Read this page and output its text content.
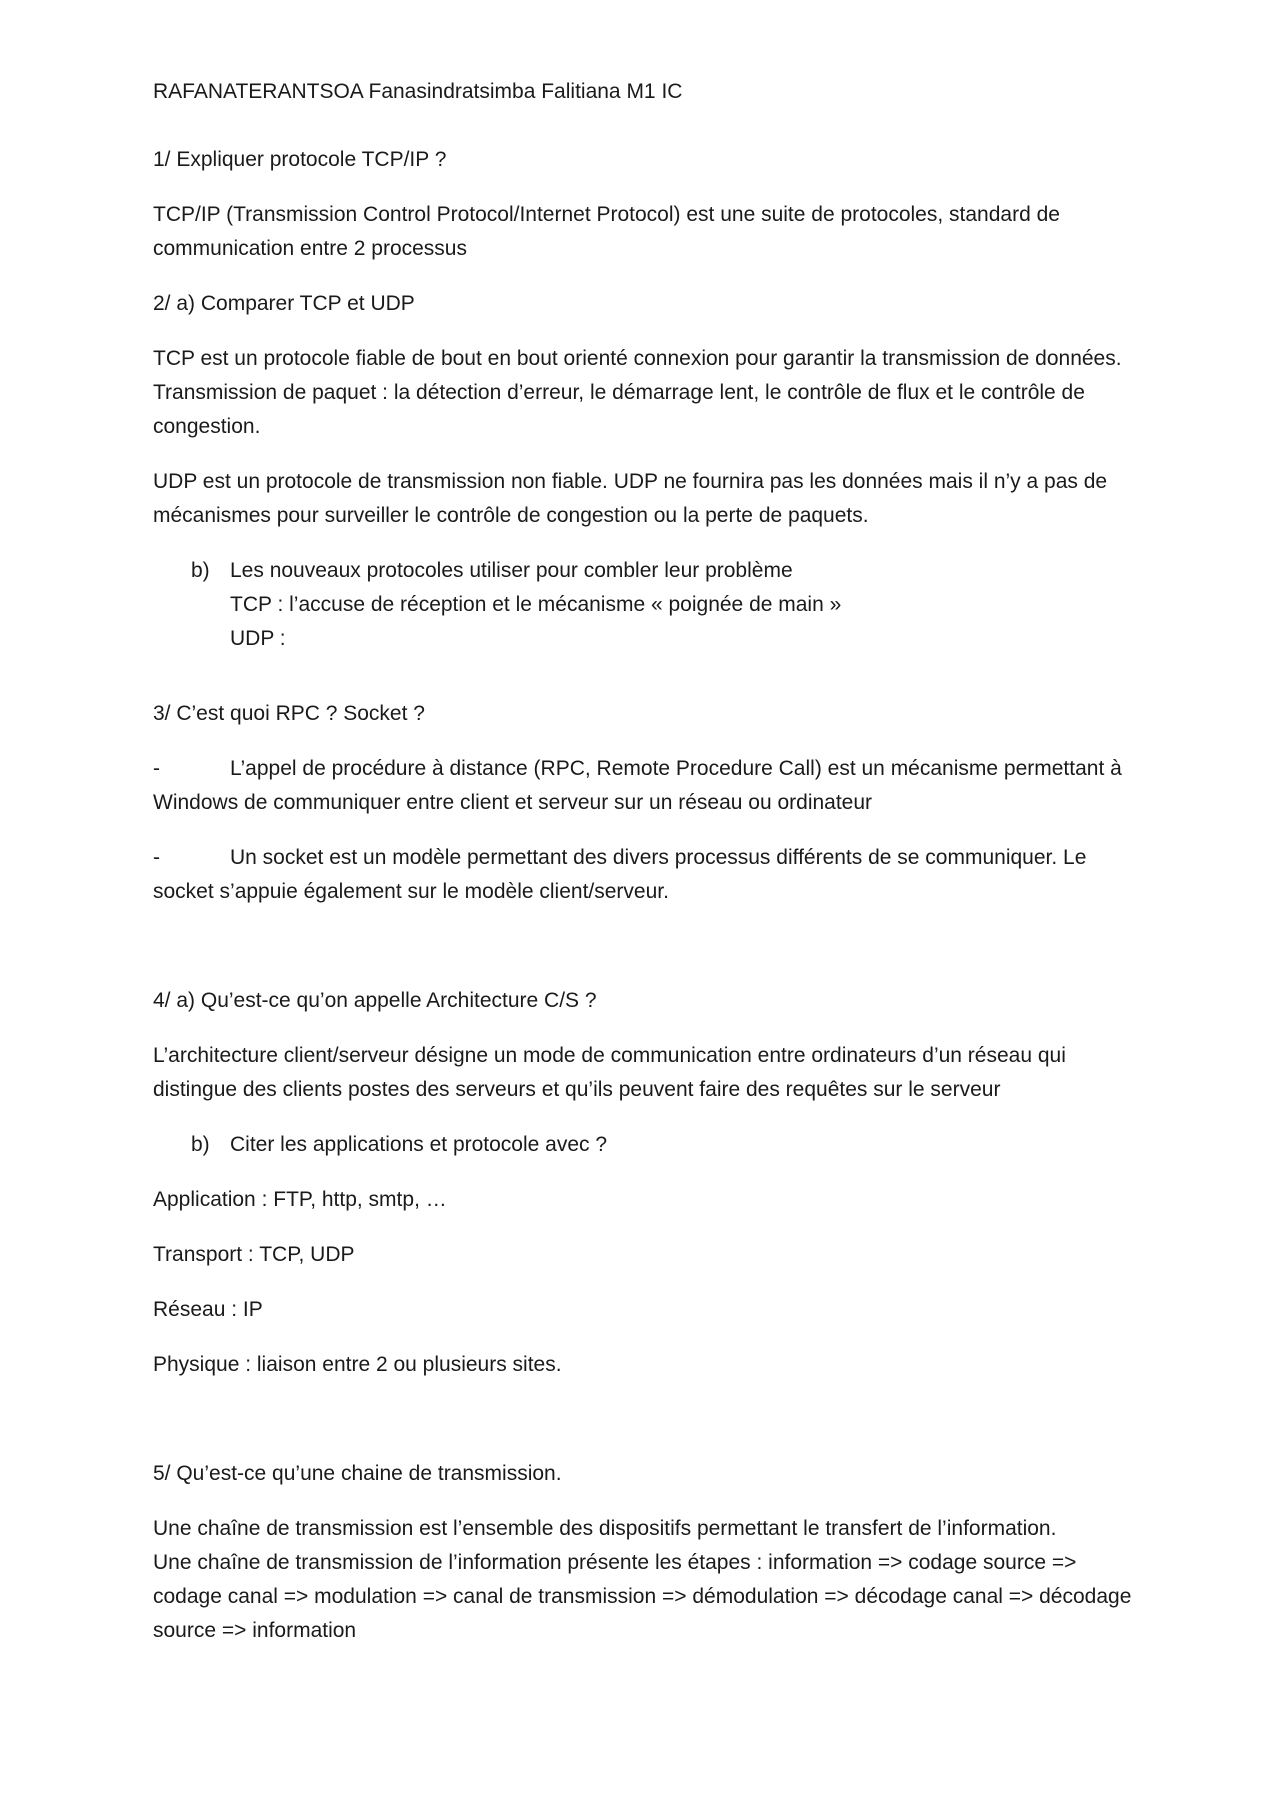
RAFANATERANTSOA Fanasindratsimba Falitiana M1 IC

1/ Expliquer protocole TCP/IP ?

TCP/IP (Transmission Control Protocol/Internet Protocol) est une suite de protocoles, standard de communication entre 2 processus

2/ a) Comparer TCP et UDP

TCP est un protocole fiable de bout en bout orienté connexion pour garantir la transmission de données. Transmission de paquet : la détection d’erreur, le démarrage lent, le contrôle de flux et le contrôle de congestion.

UDP est un protocole de transmission non fiable. UDP ne fournira pas les données mais il n’y a pas de mécanismes pour surveiller le contrôle de congestion ou la perte de paquets.

b) Les nouveaux protocoles utiliser pour combler leur problème
TCP : l’accuse de réception et le mécanisme « poignée de main »
UDP :

3/ C’est quoi RPC ? Socket ?

-	L’appel de procédure à distance (RPC, Remote Procedure Call) est un mécanisme permettant à Windows de communiquer entre client et serveur sur un réseau ou ordinateur

-	Un socket est un modèle permettant des divers processus différents de se communiquer. Le socket s’appuie également sur le modèle client/serveur.

4/ a) Qu’est-ce qu’on appelle Architecture C/S ?

L’architecture client/serveur désigne un mode de communication entre ordinateurs d’un réseau qui distingue des clients postes des serveurs et qu’ils peuvent faire des requêtes sur le serveur

b) Citer les applications et protocole avec ?

Application : FTP, http, smtp, …

Transport : TCP, UDP

Réseau : IP

Physique : liaison entre 2 ou plusieurs sites.

5/ Qu’est-ce qu’une chaine de transmission.

Une chaîne de transmission est l’ensemble des dispositifs permettant le transfert de l’information.
Une chaîne de transmission de l’information présente les étapes : information => codage source => codage canal => modulation => canal de transmission => démodulation => décodage canal => décodage source => information
